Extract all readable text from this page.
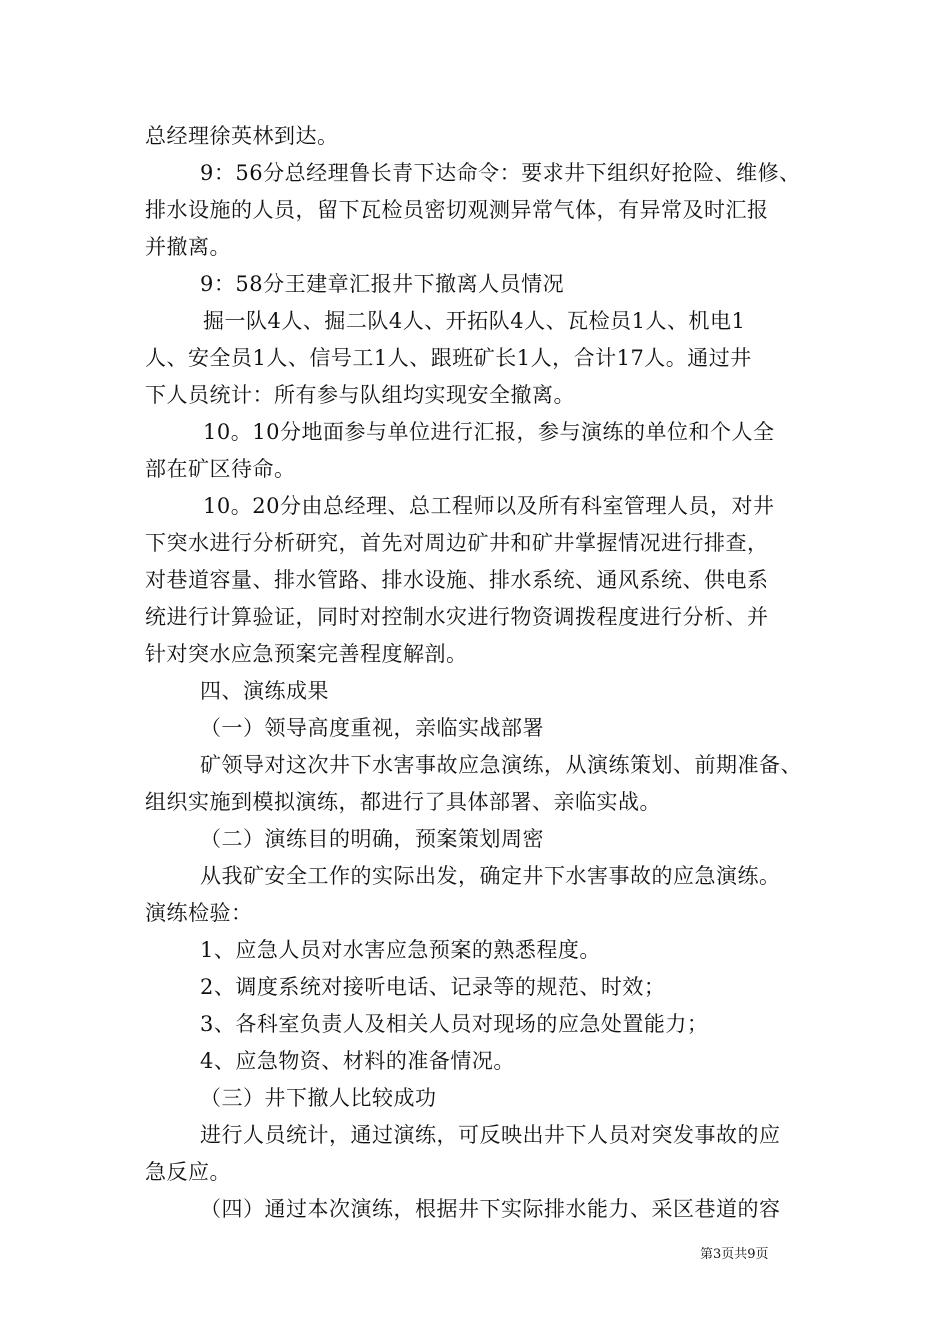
总经理徐英林到达。
9：56分总经理鲁长青下达命令：要求井下组织好抢险、维修、
排水设施的人员，留下瓦检员密切观测异常气体，有异常及时汇报
并撤离。
9：58分王建章汇报井下撤离人员情况
掘一队4人、掘二队4人、开拓队4人、瓦检员1人、机电1
人、安全员1人、信号工1人、跟班矿长1人，合计17人。通过井
下人员统计：所有参与队组均实现安全撤离。
10。10分地面参与单位进行汇报，参与演练的单位和个人全
部在矿区待命。
10。20分由总经理、总工程师以及所有科室管理人员，对井
下突水进行分析研究，首先对周边矿井和矿井掌握情况进行排查，
对巷道容量、排水管路、排水设施、排水系统、通风系统、供电系
统进行计算验证，同时对控制水灾进行物资调拨程度进行分析、并
针对突水应急预案完善程度解剖。
四、演练成果
（一）领导高度重视，亲临实战部署
矿领导对这次井下水害事故应急演练，从演练策划、前期准备、
组织实施到模拟演练，都进行了具体部署、亲临实战。
（二）演练目的明确，预案策划周密
从我矿安全工作的实际出发，确定井下水害事故的应急演练。
演练检验：
1、应急人员对水害应急预案的熟悉程度。
2、调度系统对接听电话、记录等的规范、时效；
3、各科室负责人及相关人员对现场的应急处置能力；
4、应急物资、材料的准备情况。
（三）井下撤人比较成功
进行人员统计，通过演练，可反映出井下人员对突发事故的应
急反应。
（四）通过本次演练，根据井下实际排水能力、采区巷道的容
第3页共9页
